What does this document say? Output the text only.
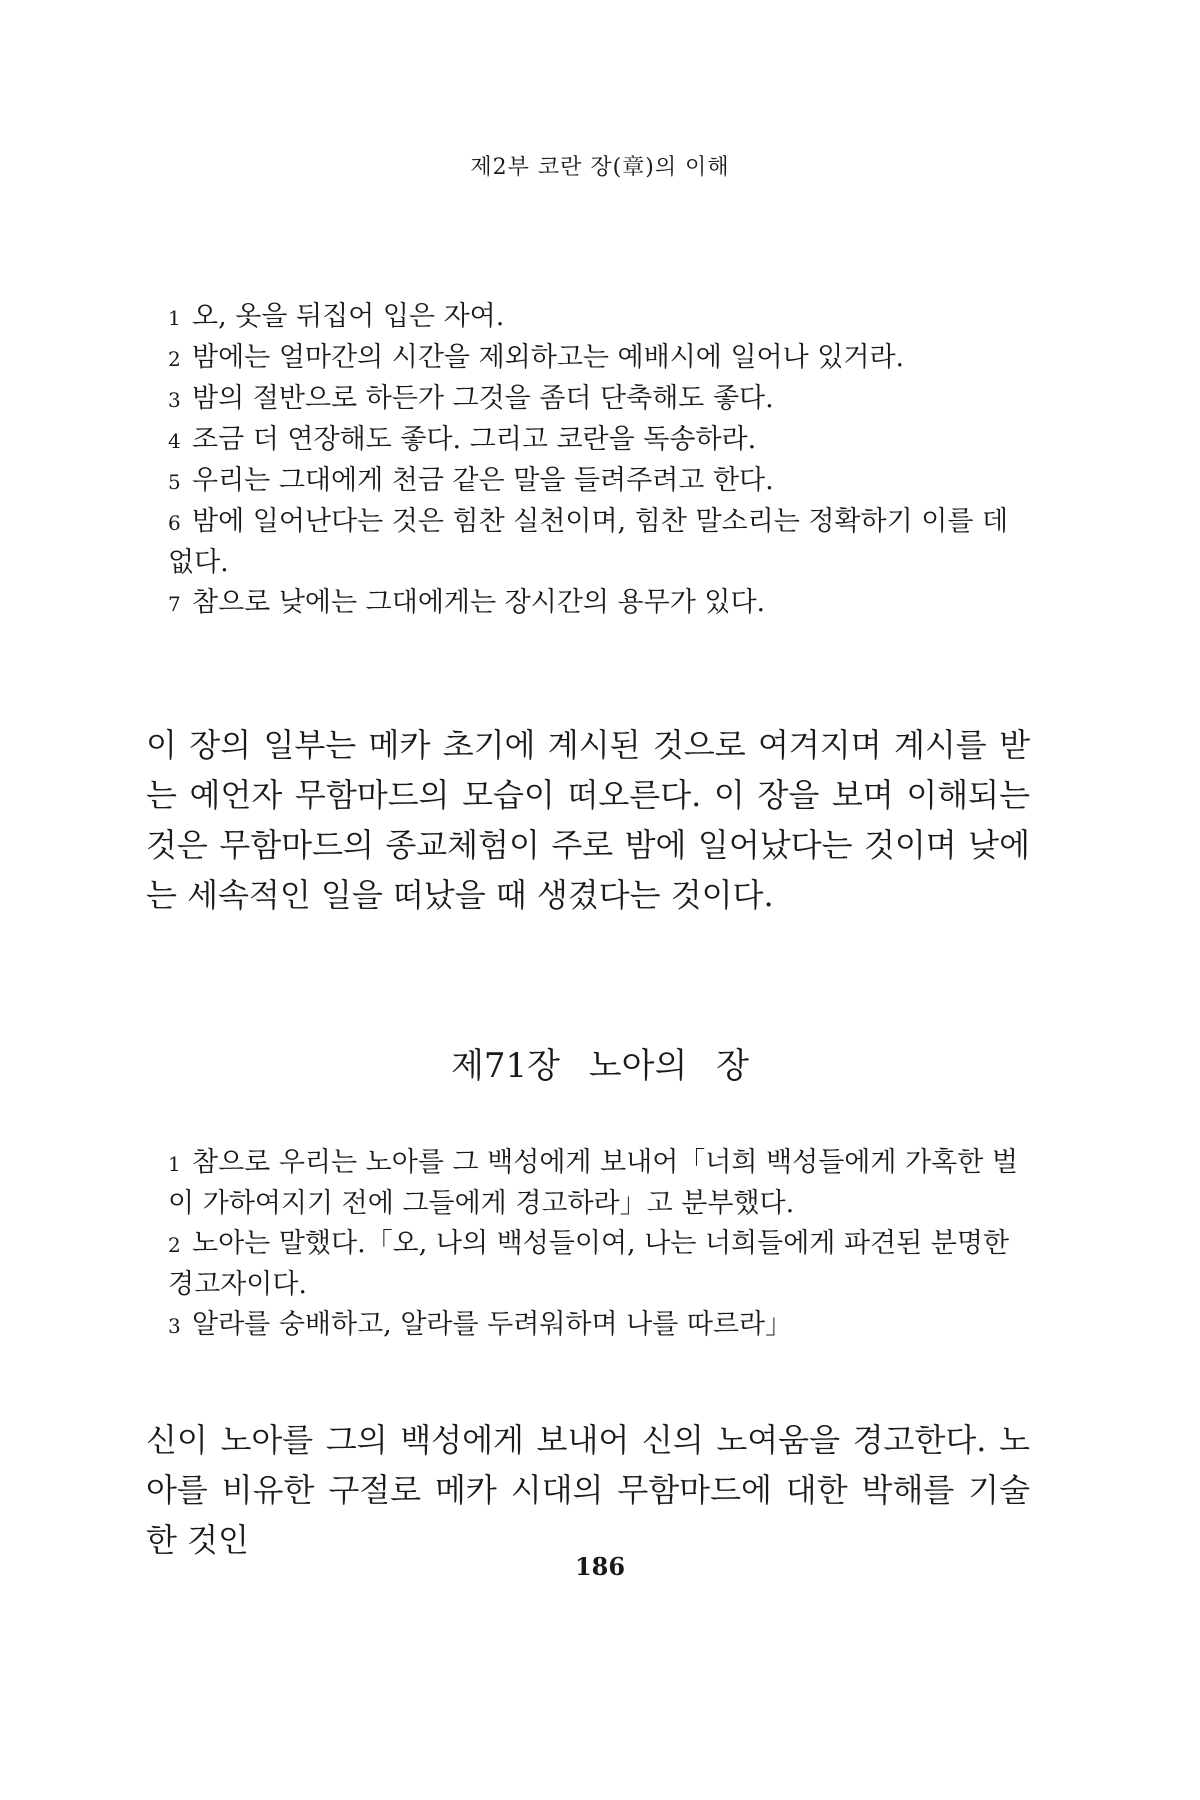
제2부 코란 장(章)의 이해
1 오, 옷을 뒤집어 입은 자여.
2 밤에는 얼마간의 시간을 제외하고는 예배시에 일어나 있거라.
3 밤의 절반으로 하든가 그것을 좀더 단축해도 좋다.
4 조금 더 연장해도 좋다. 그리고 코란을 독송하라.
5 우리는 그대에게 천금 같은 말을 들려주려고 한다.
6 밤에 일어난다는 것은 힘찬 실천이며, 힘찬 말소리는 정확하기 이를 데 없다.
7 참으로 낮에는 그대에게는 장시간의 용무가 있다.
이 장의 일부는 메카 초기에 계시된 것으로 여겨지며 계시를 받는 예언자 무함마드의 모습이 떠오른다. 이 장을 보며 이해되는 것은 무함마드의 종교체험이 주로 밤에 일어났다는 것이며 낮에는 세속적인 일을 떠났을 때 생겼다는 것이다.
제71장 노아의 장
1 참으로 우리는 노아를 그 백성에게 보내어「너희 백성들에게 가혹한 벌이 가하여지기 전에 그들에게 경고하라」고 분부했다.
2 노아는 말했다.「오, 나의 백성들이여, 나는 너희들에게 파견된 분명한 경고자이다.
3 알라를 숭배하고, 알라를 두려워하며 나를 따르라」
신이 노아를 그의 백성에게 보내어 신의 노여움을 경고한다. 노아를 비유한 구절로 메카 시대의 무함마드에 대한 박해를 기술한 것인
186
